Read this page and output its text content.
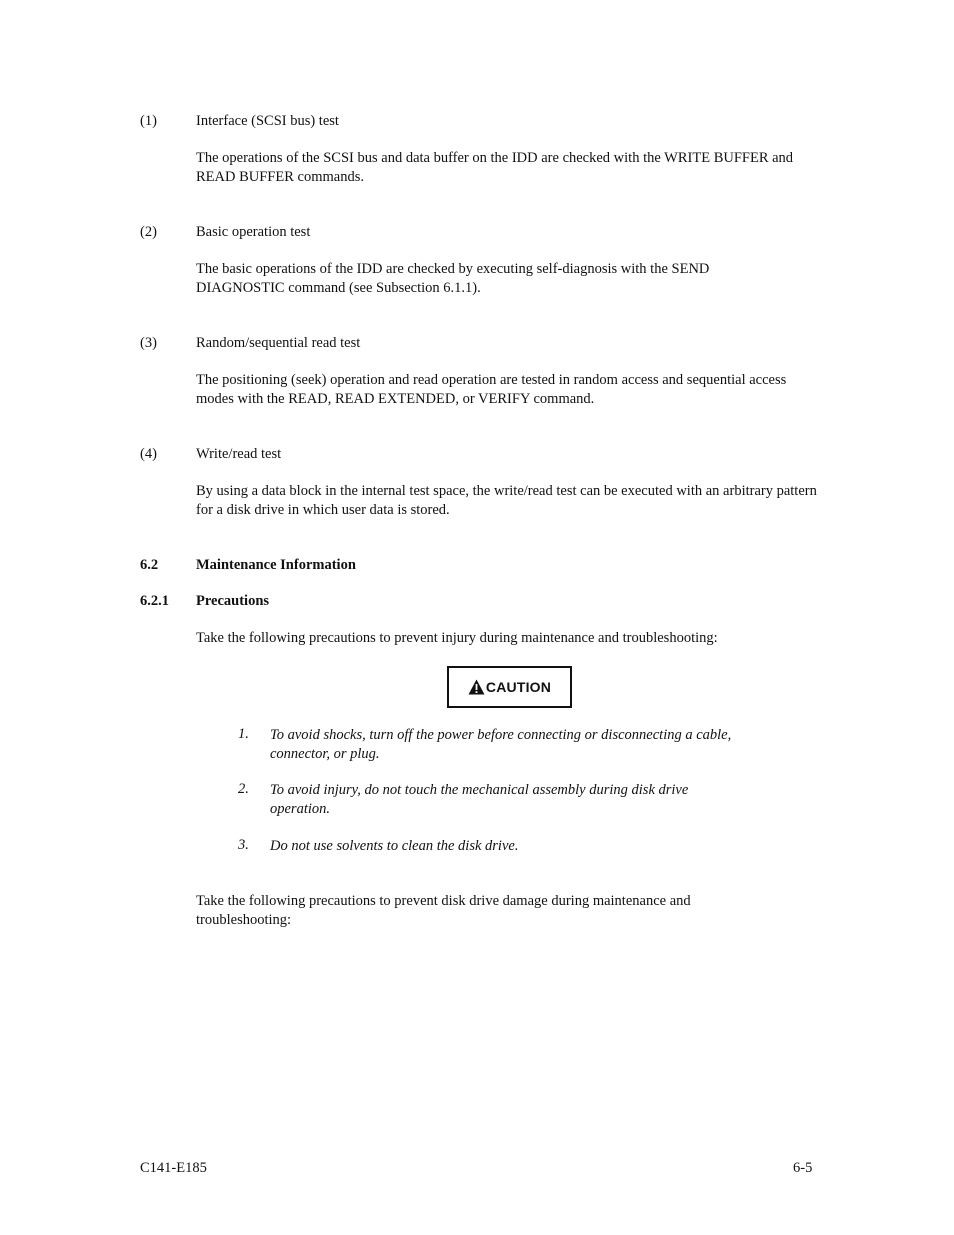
(1)	Interface (SCSI bus) test
The operations of the SCSI bus and data buffer on the IDD are checked with the WRITE BUFFER and READ BUFFER commands.
(2)	Basic operation test
The basic operations of the IDD are checked by executing self-diagnosis with the SEND DIAGNOSTIC command (see Subsection 6.1.1).
(3)	Random/sequential read test
The positioning (seek) operation and read operation are tested in random access and sequential access modes with the READ, READ EXTENDED, or VERIFY command.
(4)	Write/read test
By using a data block in the internal test space, the write/read test can be executed with an arbitrary pattern for a disk drive in which user data is stored.
6.2	Maintenance Information
6.2.1 Precautions
Take the following precautions to prevent injury during maintenance and troubleshooting:
CAUTION
1. To avoid shocks, turn off the power before connecting or disconnecting a cable, connector, or plug.
2. To avoid injury, do not touch the mechanical assembly during disk drive operation.
3. Do not use solvents to clean the disk drive.
Take the following precautions to prevent disk drive damage during maintenance and troubleshooting:
C141-E185	6-5
